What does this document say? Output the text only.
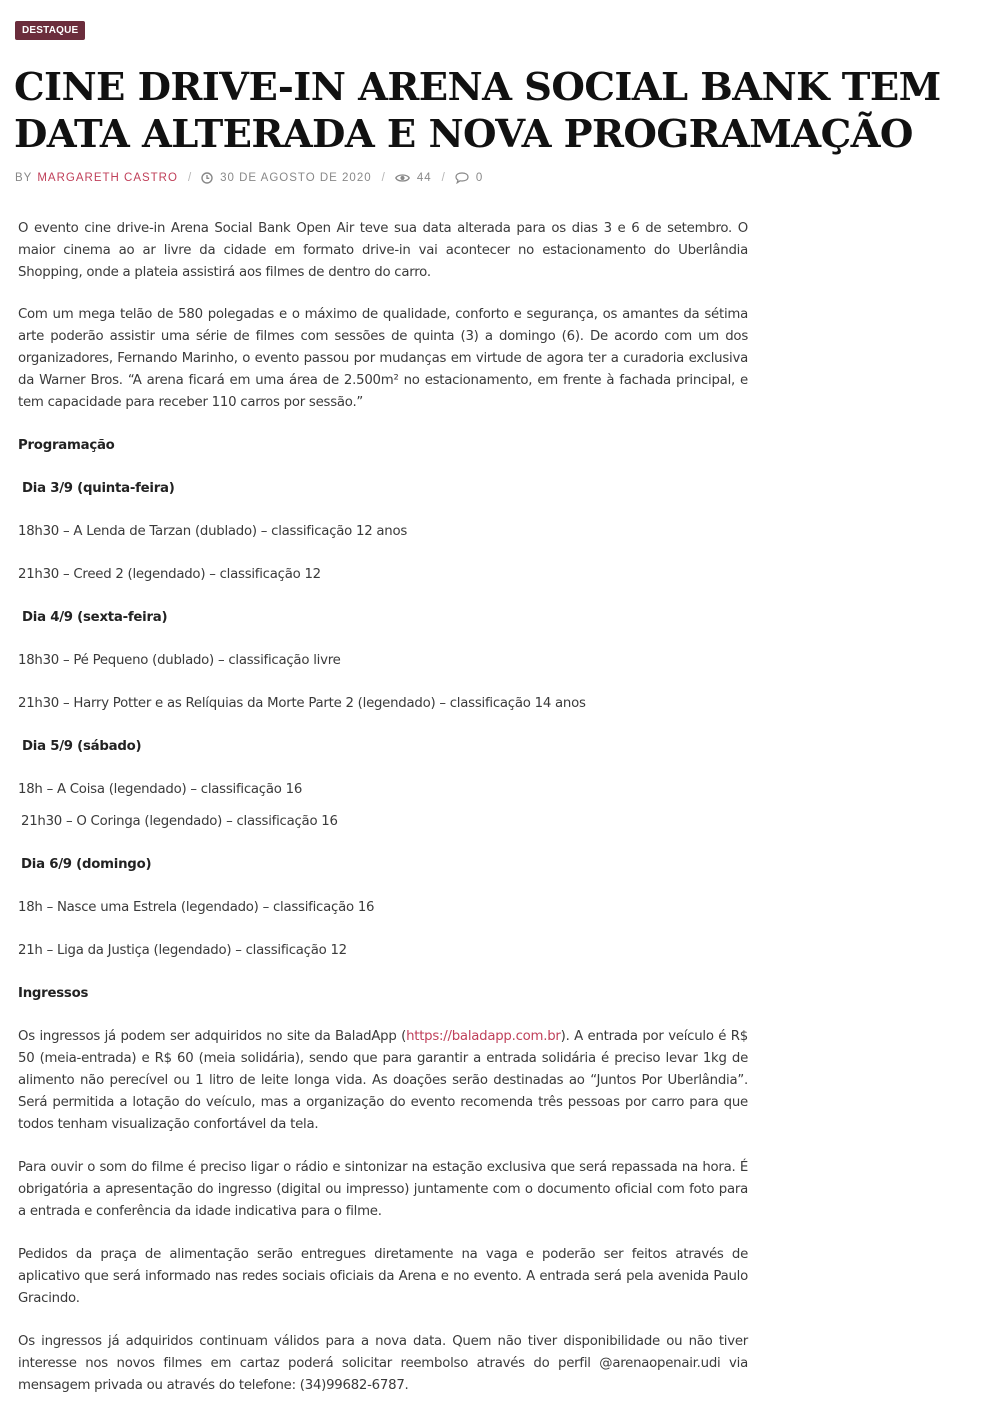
DESTAQUE
CINE DRIVE-IN ARENA SOCIAL BANK TEM DATA ALTERADA E NOVA PROGRAMAÇÃO
BY MARGARETH CASTRO /	30 DE AGOSTO DE 2020 /	44 /	0

O evento cine drive-in Arena Social Bank Open Air teve sua data alterada para os dias 3 e 6 de setembro. O maior cinema ao ar livre da cidade em formato drive-in vai acontecer no estacionamento do Uberlândia Shopping, onde a plateia assistirá aos filmes de dentro do carro.

Com um mega telão de 580 polegadas e o máximo de qualidade, conforto e segurança, os amantes da sétima arte poderão assistir uma série de filmes com sessões de quinta (3) a domingo (6). De acordo com um dos organizadores, Fernando Marinho, o evento passou por mudanças em virtude de agora ter a curadoria exclusiva da Warner Bros. “A arena ficará em uma área de 2.500m² no estacionamento, em frente à fachada principal, e tem capacidade para receber 110 carros por sessão.”

Programação

Dia 3/9 (quinta-feira)

18h30 – A Lenda de Tarzan (dublado) – classificação 12 anos

21h30 – Creed 2 (legendado) – classificação 12

Dia 4/9 (sexta-feira)

18h30 – Pé Pequeno (dublado) – classificação livre

21h30 – Harry Potter e as Relíquias da Morte Parte 2 (legendado) – classificação 14 anos

Dia 5/9 (sábado)

18h – A Coisa (legendado) – classificação 16

21h30 – O Coringa (legendado) – classificação 16

Dia 6/9 (domingo)

18h – Nasce uma Estrela (legendado) – classificação 16

21h – Liga da Justiça (legendado) – classificação 12

Ingressos

Os ingressos já podem ser adquiridos no site da BaladApp (https://baladapp.com.br). A entrada por veículo é R$ 50 (meia-entrada) e R$ 60 (meia solidária), sendo que para garantir a entrada solidária é preciso levar 1kg de alimento não perecível ou 1 litro de leite longa vida. As doações serão destinadas ao “Juntos Por Uberlândia”. Será permitida a lotação do veículo, mas a organização do evento recomenda três pessoas por carro para que todos tenham visualização confortável da tela.

Para ouvir o som do filme é preciso ligar o rádio e sintonizar na estação exclusiva que será repassada na hora. É obrigatória a apresentação do ingresso (digital ou impresso) juntamente com o documento oficial com foto para a entrada e conferência da idade indicativa para o filme.

Pedidos da praça de alimentação serão entregues diretamente na vaga e poderão ser feitos através de aplicativo que será informado nas redes sociais oficiais da Arena e no evento. A entrada será pela avenida Paulo Gracindo.

Os ingressos já adquiridos continuam válidos para a nova data. Quem não tiver disponibilidade ou não tiver interesse nos novos filmes em cartaz poderá solicitar reembolso através do perfil @arenaopenair.udi via mensagem privada ou através do telefone: (34)99682-6787.
